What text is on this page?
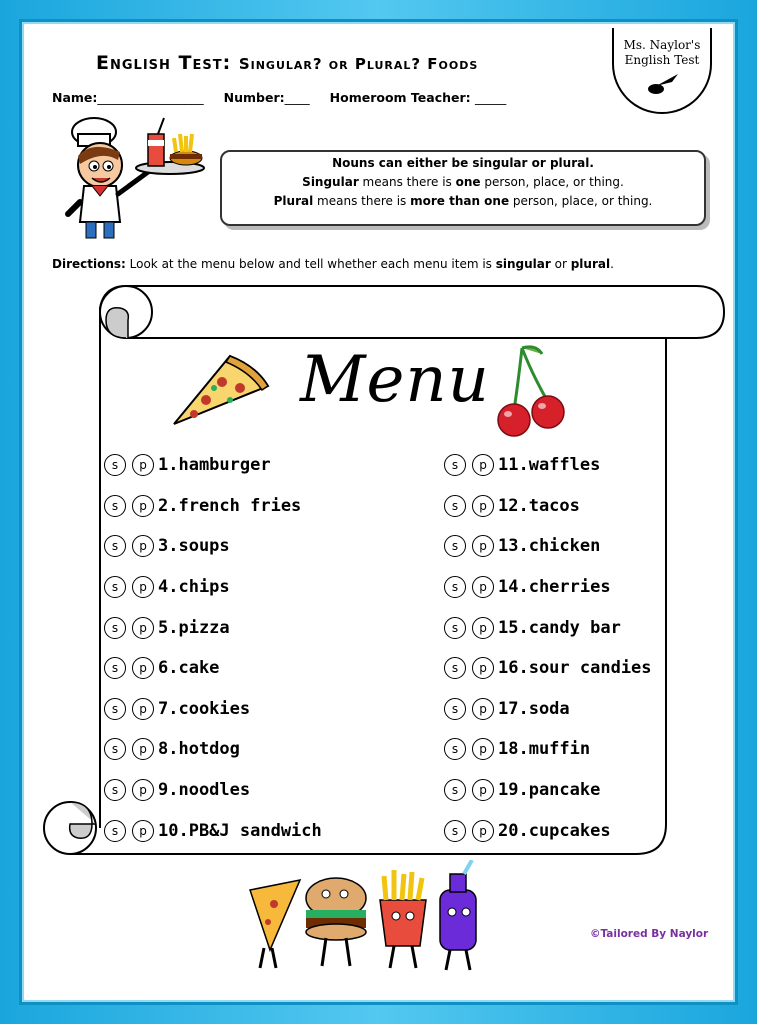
English Test: Singular? or Plural? Foods
Name:_________________ Number:____ Homeroom Teacher: _____
Ms. Naylor's
English Test
Nouns can either be singular or plural.
Singular means there is one person, place, or thing.
Plural means there is more than one person, place, or thing.
Directions: Look at the menu below and tell whether each menu item is singular or plural.
Menu
s	p 1.hamburger
s	p 2.french fries
s	p 3.soups
s	p 4.chips
s	p 5.pizza
s	p 6.cake
s	p 7.cookies
s	p 8.hotdog
s	p 9.noodles
s	p 10.PB&J sandwich
s	p 11.waffles
s	p 12.tacos
s	p 13.chicken
s	p 14.cherries
s	p 15.candy bar
s	p 16.sour candies
s	p 17.soda
s	p 18.muffin
s	p 19.pancake
s	p 20.cupcakes
©Tailored By Naylor
